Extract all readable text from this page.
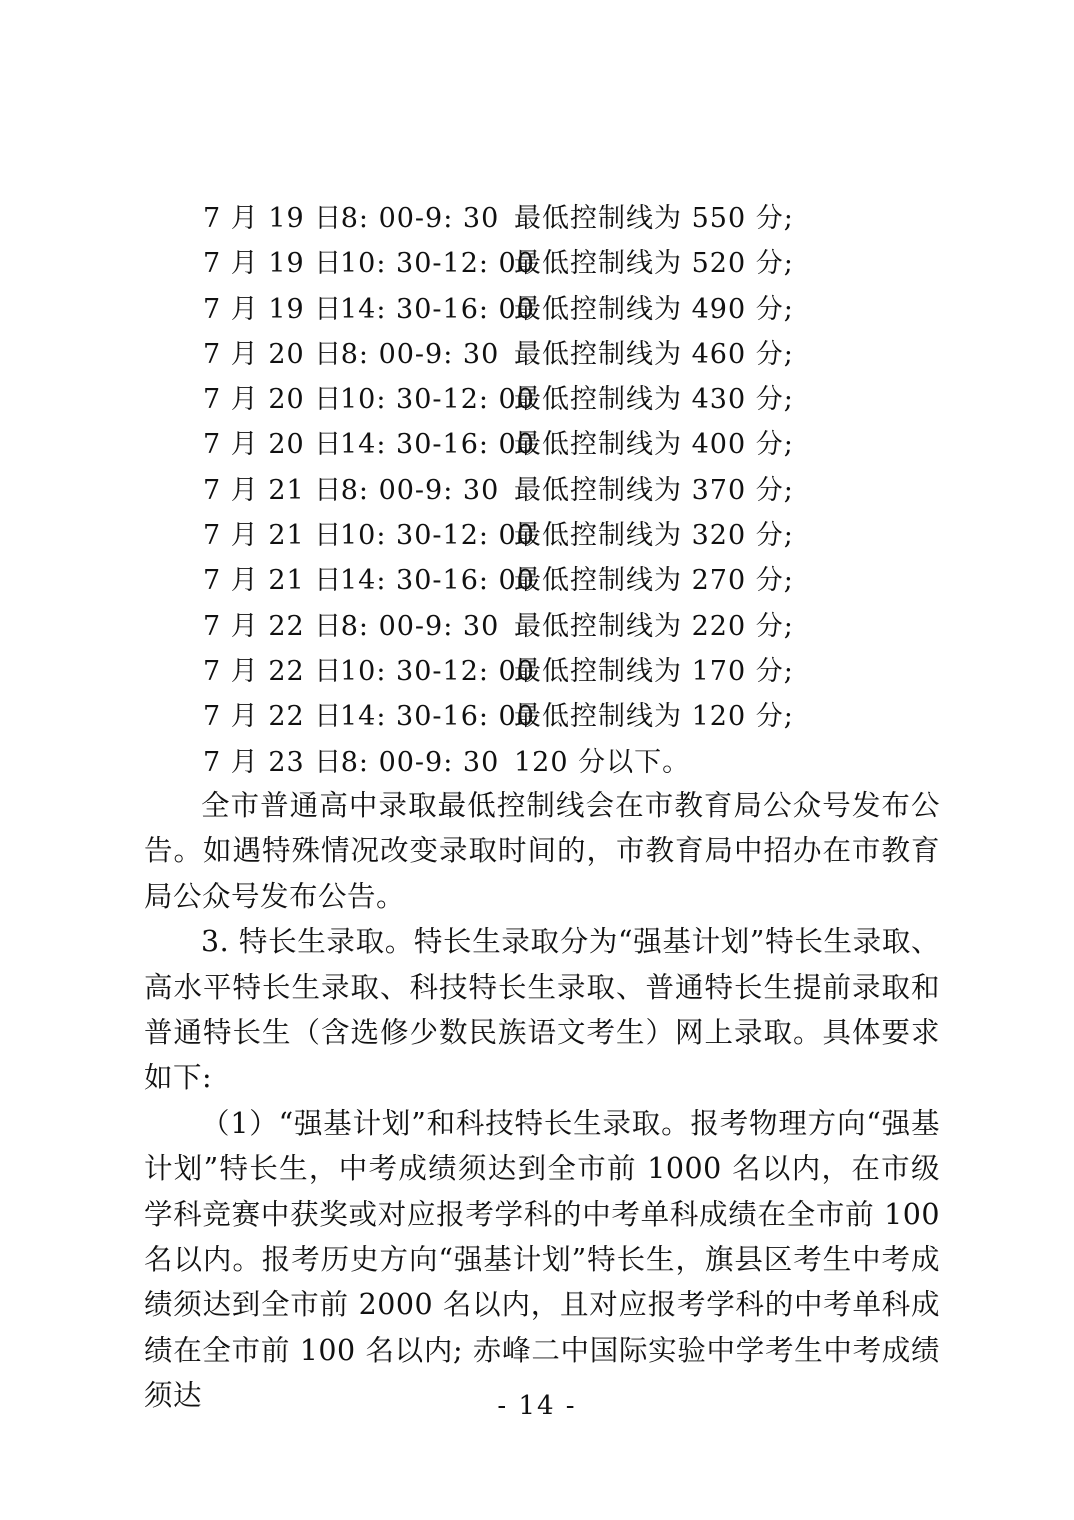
7 月 19 日
8: 00-9: 30 最低控制线为 550 分;
7 月 19 日
10: 30-12: 00
最低控制线为 520 分;
7 月 19 日
14: 30-16: 00
最低控制线为 490 分;
7 月 20 日
8: 00-9: 30 最低控制线为 460 分;
7 月 20 日
10: 30-12: 00
最低控制线为 430 分;
7 月 20 日
14: 30-16: 00
最低控制线为 400 分;
7 月 21 日
8: 00-9: 30 最低控制线为 370 分;
7 月 21 日
10: 30-12: 00
最低控制线为 320 分;
7 月 21 日
14: 30-16: 00
最低控制线为 270 分;
7 月 22 日
8: 00-9: 30 最低控制线为 220 分;
7 月 22 日
10: 30-12: 00
最低控制线为 170 分;
7 月 22 日
14: 30-16: 00
最低控制线为 120 分;
7 月 23 日
8: 00-9: 30 120 分以下。

全市普通高中录取最低控制线会在市教育局公众号发布公告。如遇特殊情况改变录取时间的，市教育局中招办在市教育局公众号发布公告。

3. 特长生录取。特长生录取分为“强基计划”特长生录取、高水平特长生录取、科技特长生录取、普通特长生提前录取和普通特长生（含选修少数民族语文考生）网上录取。具体要求如下:

（1）“强基计划”和科技特长生录取。报考物理方向“强基计划”特长生，中考成绩须达到全市前 1000 名以内，在市级学科竞赛中获奖或对应报考学科的中考单科成绩在全市前 100 名以内。报考历史方向“强基计划”特长生，旗县区考生中考成绩须达到全市前 2000 名以内，且对应报考学科的中考单科成绩在全市前 100 名以内; 赤峰二中国际实验中学考生中考成绩须达	- 14 -
